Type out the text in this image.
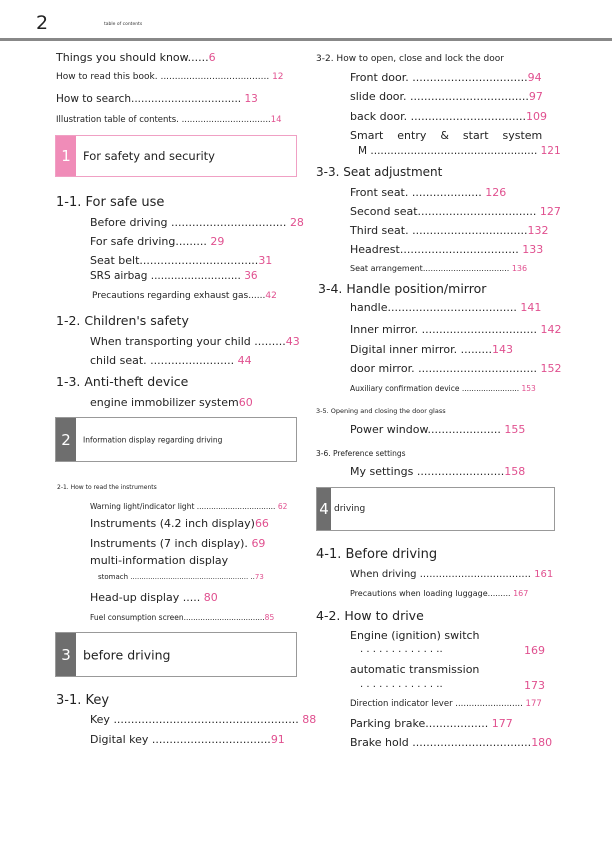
2	table of contents
Things you should know......6
How to read this book. ...................................... 12
How to search................................. 13
Illustration table of contents. .................................14
1	For safety and security
1-1. For safe use
Before driving ................................. 28
For safe driving......... 29
Seat belt..................................31
SRS airbag ........................... 36
Precautions regarding exhaust gas......42
1-2. Children's safety
When transporting your child .........43
child seat. ........................ 44
1-3. Anti-theft device
engine immobilizer system60
2	Information display regarding driving
2-1. How to read the instruments
Warning light/indicator light ................................. 62
Instruments (4.2 inch display)66
Instruments (7 inch display). 69
multi-information display
stomach ..................................................... ..73
Head-up display ..... 80
Fuel consumption screen..................................85
3 before driving
3-1. Key
Key ..................................................... 88
Digital key ..................................91
3-2. How to open, close and lock the door
Front door. .................................94
slide door. ..................................97
back door. .................................109
Smart    entry    &    start    system
M .................................................. 121
3-3. Seat adjustment
Front seat. .................... 126
Second seat.................................. 127
Third seat. .................................132
Headrest.................................. 133
Seat arrangement.................................. 136
3-4. Handle position/mirror
handle..................................... 141
Inner mirror. ................................. 142
Digital inner mirror. .........143
door mirror. .................................. 152
Auxiliary confirmation device ........................ 153
3-5. Opening and closing the door glass
Power window..................... 155
3-6. Preference settings
My settings .........................158
4 driving
4-1. Before driving
When driving ................................... 161
Precautions when loading luggage......... 167
4-2. How to drive
Engine (ignition) switch
. . . . . . . . . . . . ..	169
automatic transmission
. . . . . . . . . . . . ..	173
Direction indicator lever ......................... 177
Parking brake.................. 177
Brake hold ..................................180
